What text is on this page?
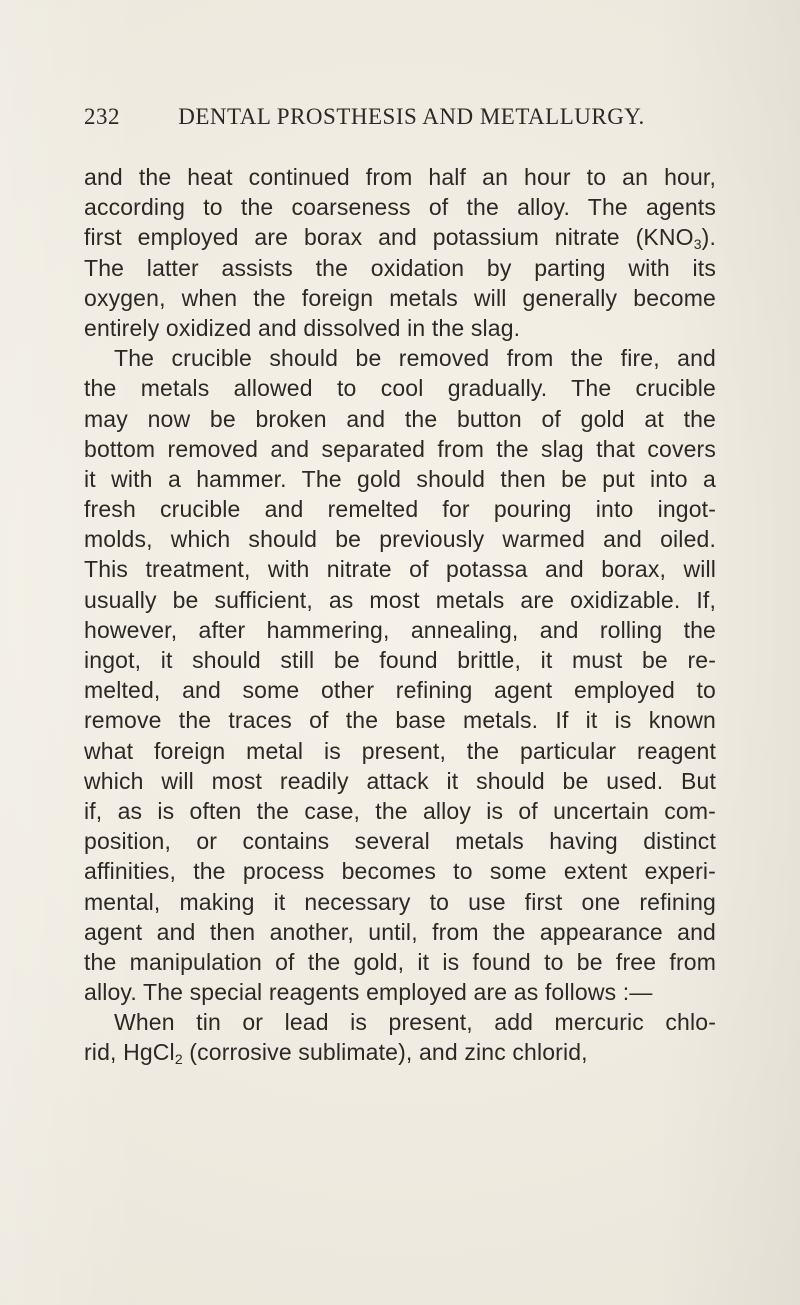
232	DENTAL PROSTHESIS AND METALLURGY.
and the heat continued from half an hour to an hour,
according to the coarseness of the alloy. The agents
first employed are borax and potassium nitrate $(KNO_3)$.
The latter assists the oxidation by parting with its
oxygen, when the foreign metals will generally become
entirely oxidized and dissolved in the slag.
The crucible should be removed from the fire, and
the metals allowed to cool gradually. The crucible
may now be broken and the button of gold at the
bottom removed and separated from the slag that covers
it with a hammer. The gold should then be put into a
fresh crucible and remelted for pouring into ingot-
molds, which should be previously warmed and oiled.
This treatment, with nitrate of potassa and borax, will
usually be sufficient, as most metals are oxidizable. If,
however, after hammering, annealing, and rolling the
ingot, it should still be found brittle, it must be re-
melted, and some other refining agent employed to
remove the traces of the base metals. If it is known
what foreign metal is present, the particular reagent
which will most readily attack it should be used. But
if, as is often the case, the alloy is of uncertain com-
position, or contains several metals having distinct
affinities, the process becomes to some extent experi-
mental, making it necessary to use first one refining
agent and then another, until, from the appearance and
the manipulation of the gold, it is found to be free from
alloy. The special reagents employed are as follows :—
When tin or lead is present, add mercuric chlo-
rid, HgCl$_2$ (corrosive sublimate), and zinc chlorid,
